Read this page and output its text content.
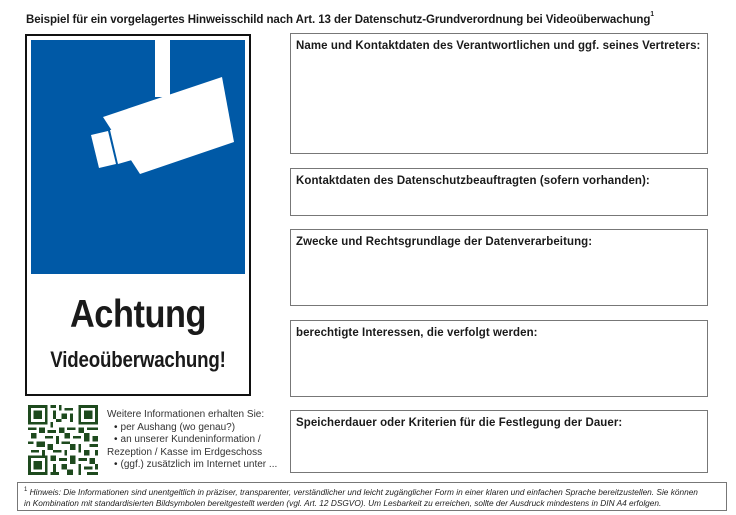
Beispiel für ein vorgelagertes Hinweisschild nach Art. 13 der Datenschutz-Grundverordnung bei Videoüberwachung$^1$
Achtung
Videoüberwachung!
Weitere Informationen erhalten Sie:
• per Aushang (wo genau?)
• an unserer Kundeninformation /
Rezeption / Kasse im Erdgeschoss
• (ggf.) zusätzlich im Internet unter ...
Name und Kontaktdaten des Verantwortlichen und ggf. seines Vertreters:
Kontaktdaten des Datenschutzbeauftragten (sofern vorhanden):
Zwecke und Rechtsgrundlage der Datenverarbeitung:
berechtigte Interessen, die verfolgt werden:
Speicherdauer oder Kriterien für die Festlegung der Dauer:
$^1$ Hinweis: Die Informationen sind unentgeltlich in präziser, transparenter, verständlicher und leicht zugänglicher Form in einer klaren und einfachen Sprache bereitzustellen. Sie können
in Kombination mit standardisierten Bildsymbolen bereitgestellt werden (vgl. Art. 12 DSGVO). Um Lesbarkeit zu erreichen, sollte der Ausdruck mindestens in DIN A4 erfolgen.
